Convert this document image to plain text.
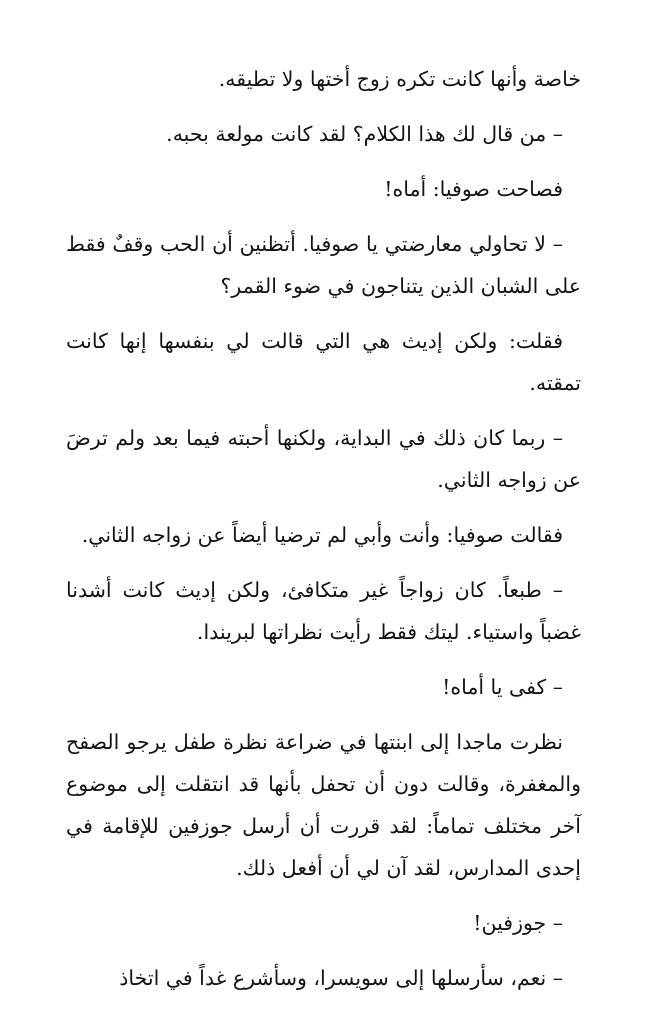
خاصة وأنها كانت تكره زوج أختها ولا تطيقه.

– من قال لك هذا الكلام؟ لقد كانت مولعة بحبه.

فصاحت صوفيا: أماه!

– لا تحاولي معارضتي يا صوفيا. أتظنين أن الحب وقفٌ فقط على الشبان الذين يتناجون في ضوء القمر؟

فقلت: ولكن إديث هي التي قالت لي بنفسها إنها كانت تمقته.

– ربما كان ذلك في البداية، ولكنها أحبته فيما بعد ولم ترضَ عن زواجه الثاني.

فقالت صوفيا: وأنت وأبي لم ترضيا أيضاً عن زواجه الثاني.

– طبعاً. كان زواجاً غير متكافئ، ولكن إديث كانت أشدنا غضباً واستياء. ليتك فقط رأيت نظراتها لبريندا.

– كفى يا أماه!

نظرت ماجدا إلى ابنتها في ضراعة نظرة طفل يرجو الصفح والمغفرة، وقالت دون أن تحفل بأنها قد انتقلت إلى موضوع آخر مختلف تماماً: لقد قررت أن أرسل جوزفين للإقامة في إحدى المدارس، لقد آن لي أن أفعل ذلك.

– جوزفين!

– نعم، سأرسلها إلى سويسرا، وسأشرع غداً في اتخاذ
